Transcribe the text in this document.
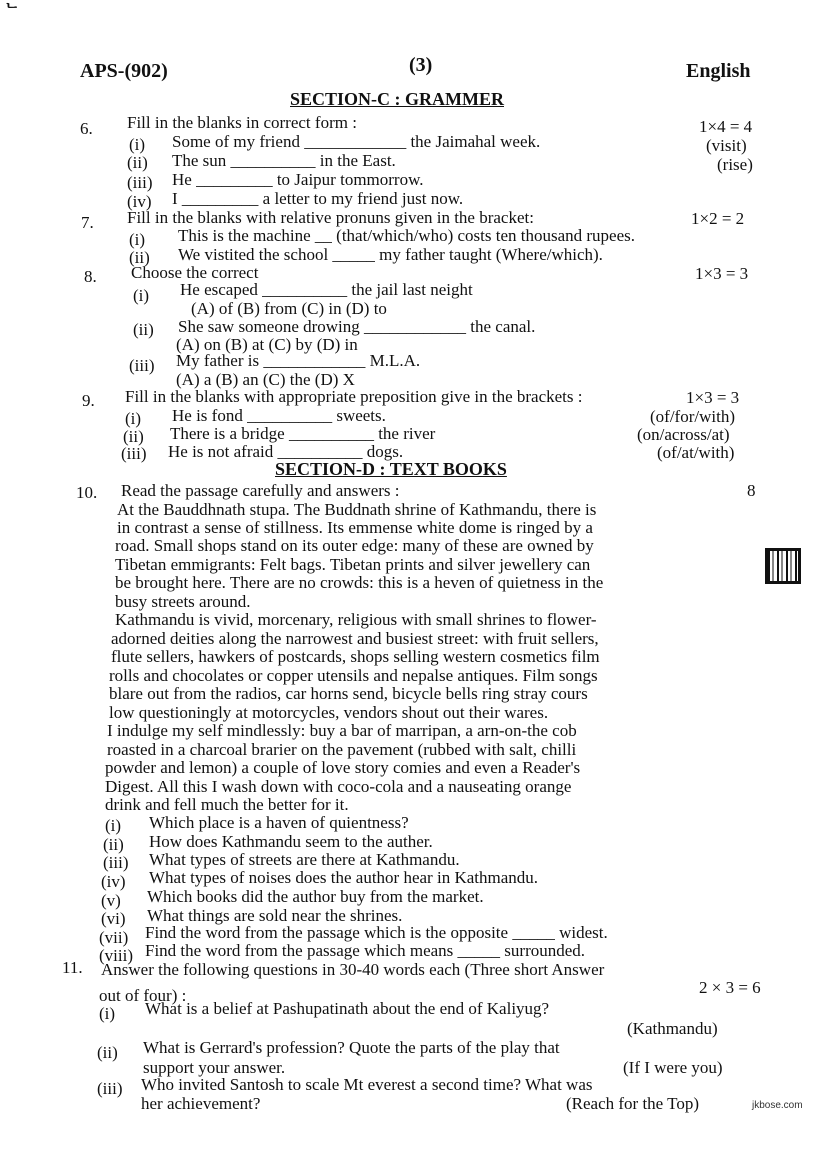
ᄂ
APS-(902)	(3)	English
SECTION-C : GRAMMER
6. Fill in the blanks in correct form :	1×4 = 4
(i) Some of my friend ____________ the Jaimahal week.	(visit)
(ii) The sun __________ in the East.	(rise)
(iii) He _________ to Jaipur tommorrow.
(iv) I _________ a letter to my friend just now.
7. Fill in the blanks with relative pronuns given in the bracket:	1×2 = 2
(i) This is the machine __ (that/which/who) costs ten thousand rupees.
(ii) We vistited the school _____ my father taught (Where/which).
8. Choose the correct	1×3 = 3
(i) He escaped __________ the jail last neight
(A) of (B) from (C) in (D) to
(ii) She saw someone drowing ____________ the canal.
(A) on (B) at (C) by (D) in
(iii) My father is ____________ M.L.A.
(A) a (B) an (C) the (D) X
9. Fill in the blanks with appropriate preposition give in the brackets :	1×3 = 3
(i) He is fond __________ sweets.	(of/for/with)
(ii) There is a bridge __________ the river	(on/across/at)
(iii) He is not afraid __________ dogs.	(of/at/with)
SECTION-D : TEXT BOOKS
10. Read the passage carefully and answers :	8
At the Bauddhnath stupa. The Buddnath shrine of Kathmandu, there is
in contrast a sense of stillness. Its emmense white dome is ringed by a
road. Small shops stand on its outer edge: many of these are owned by
Tibetan emmigrants: Felt bags. Tibetan prints and silver jewellery can
be brought here. There are no crowds: this is a heven of quietness in the
busy streets around.
Kathmandu is vivid, morcenary, religious with small shrines to flower-
adorned deities along the narrowest and busiest street: with fruit sellers,
flute sellers, hawkers of postcards, shops selling western cosmetics film
rolls and chocolates or copper utensils and nepalse antiques. Film songs
blare out from the radios, car horns send, bicycle bells ring stray cours
low questioningly at motorcycles, vendors shout out their wares.
I indulge my self mindlessly: buy a bar of marripan, a arn-on-the cob
roasted in a charcoal brarier on the pavement (rubbed with salt, chilli
powder and lemon) a couple of love story comies and even a Reader's
Digest. All this I wash down with coco-cola and a nauseating orange
drink and fell much the better for it.
(i) Which place is a haven of quientness?
(ii) How does Kathmandu seem to the auther.
(iii) What types of streets are there at Kathmandu.
(iv) What types of noises does the author hear in Kathmandu.
(v) Which books did the author buy from the market.
(vi) What things are sold near the shrines.
(vii) Find the word from the passage which is the opposite _____ widest.
(viii) Find the word from the passage which means _____ surrounded.
11. Answer the following questions in 30-40 words each (Three short Answer
2 × 3 = 6
out of four) :
(i) What is a belief at Pashupatinath about the end of Kaliyug?
(Kathmandu)
(ii) What is Gerrard's profession? Quote the parts of the play that
support your answer.	(If I were you)
(iii) Who invited Santosh to scale Mt everest a second time? What was
her achievement?	(Reach for the Top)	jkbose.com
